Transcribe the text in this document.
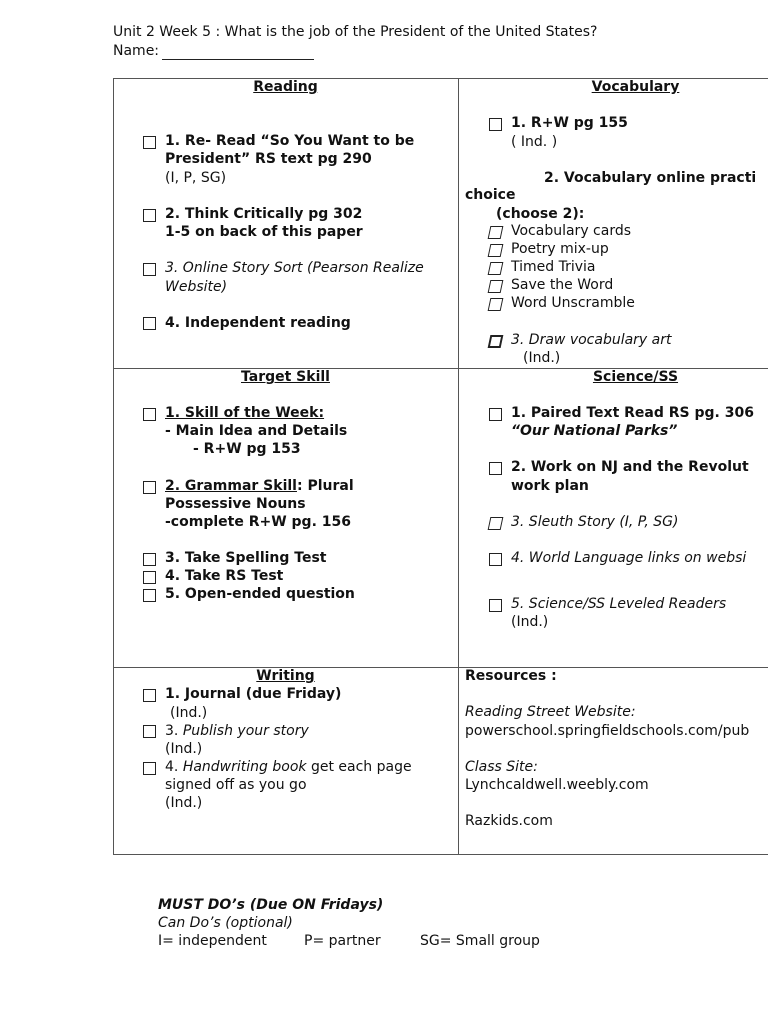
Unit 2 Week 5 : What is the job of the President of the United States?
Name:
Reading
1. Re- Read “So You Want to be
President” RS text pg 290
(I, P, SG)
2. Think Critically pg 302
1-5 on back of this paper
3. Online Story Sort (Pearson Realize
Website)
4. Independent reading
Vocabulary
1. R+W pg 155
( Ind. )
2. Vocabulary online practi
choice
(choose 2):
Vocabulary cards
Poetry mix-up
Timed Trivia
Save the Word
Word Unscramble
3. Draw vocabulary art
(Ind.)
Target Skill
1. Skill of the Week:
- Main Idea and Details
- R+W pg 153
2. Grammar Skill: Plural
Possessive Nouns
-complete R+W pg. 156
3. Take Spelling Test
4. Take RS Test
5. Open-ended question
Science/SS
1. Paired Text Read RS pg. 306
“Our National Parks”
2. Work on NJ and the Revolut
work plan
3. Sleuth Story (I, P, SG)
4. World Language links on websi
5. Science/SS Leveled Readers
(Ind.)
Writing
1. Journal (due Friday)
(Ind.)
3. Publish your story
(Ind.)
4. Handwriting book get each page
signed off as you go
(Ind.)
Resources :
Reading Street Website:
powerschool.springfieldschools.com/pub
Class Site:
Lynchcaldwell.weebly.com
Razkids.com
MUST DO’s (Due ON Fridays)
Can Do’s (optional)
I= independent	P= partner	SG= Small group
